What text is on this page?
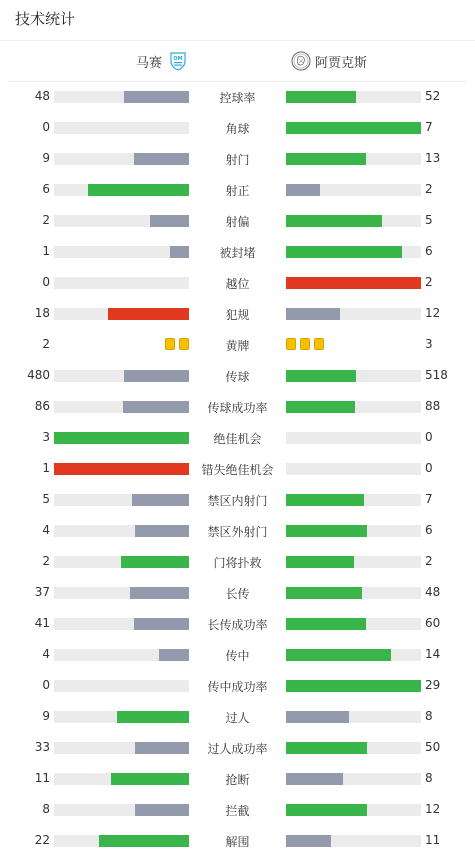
技术统计
马赛 OM	阿贾克斯
48	控球率	52
0	角球	7
9	射门	13
6	射正	2
2	射偏	5
1	被封堵	6
0	越位	2
18	犯规	12
2	黄牌	3
480	传球	518
86	传球成功率	88
3	绝佳机会	0
1	错失绝佳机会	0
5	禁区内射门	7
4	禁区外射门	6
2	门将扑救	2
37	长传	48
41	长传成功率	60
4	传中	14
0	传中成功率	29
9	过人	8
33	过人成功率	50
11	抢断	8
8	拦截	12
22	解围	11
